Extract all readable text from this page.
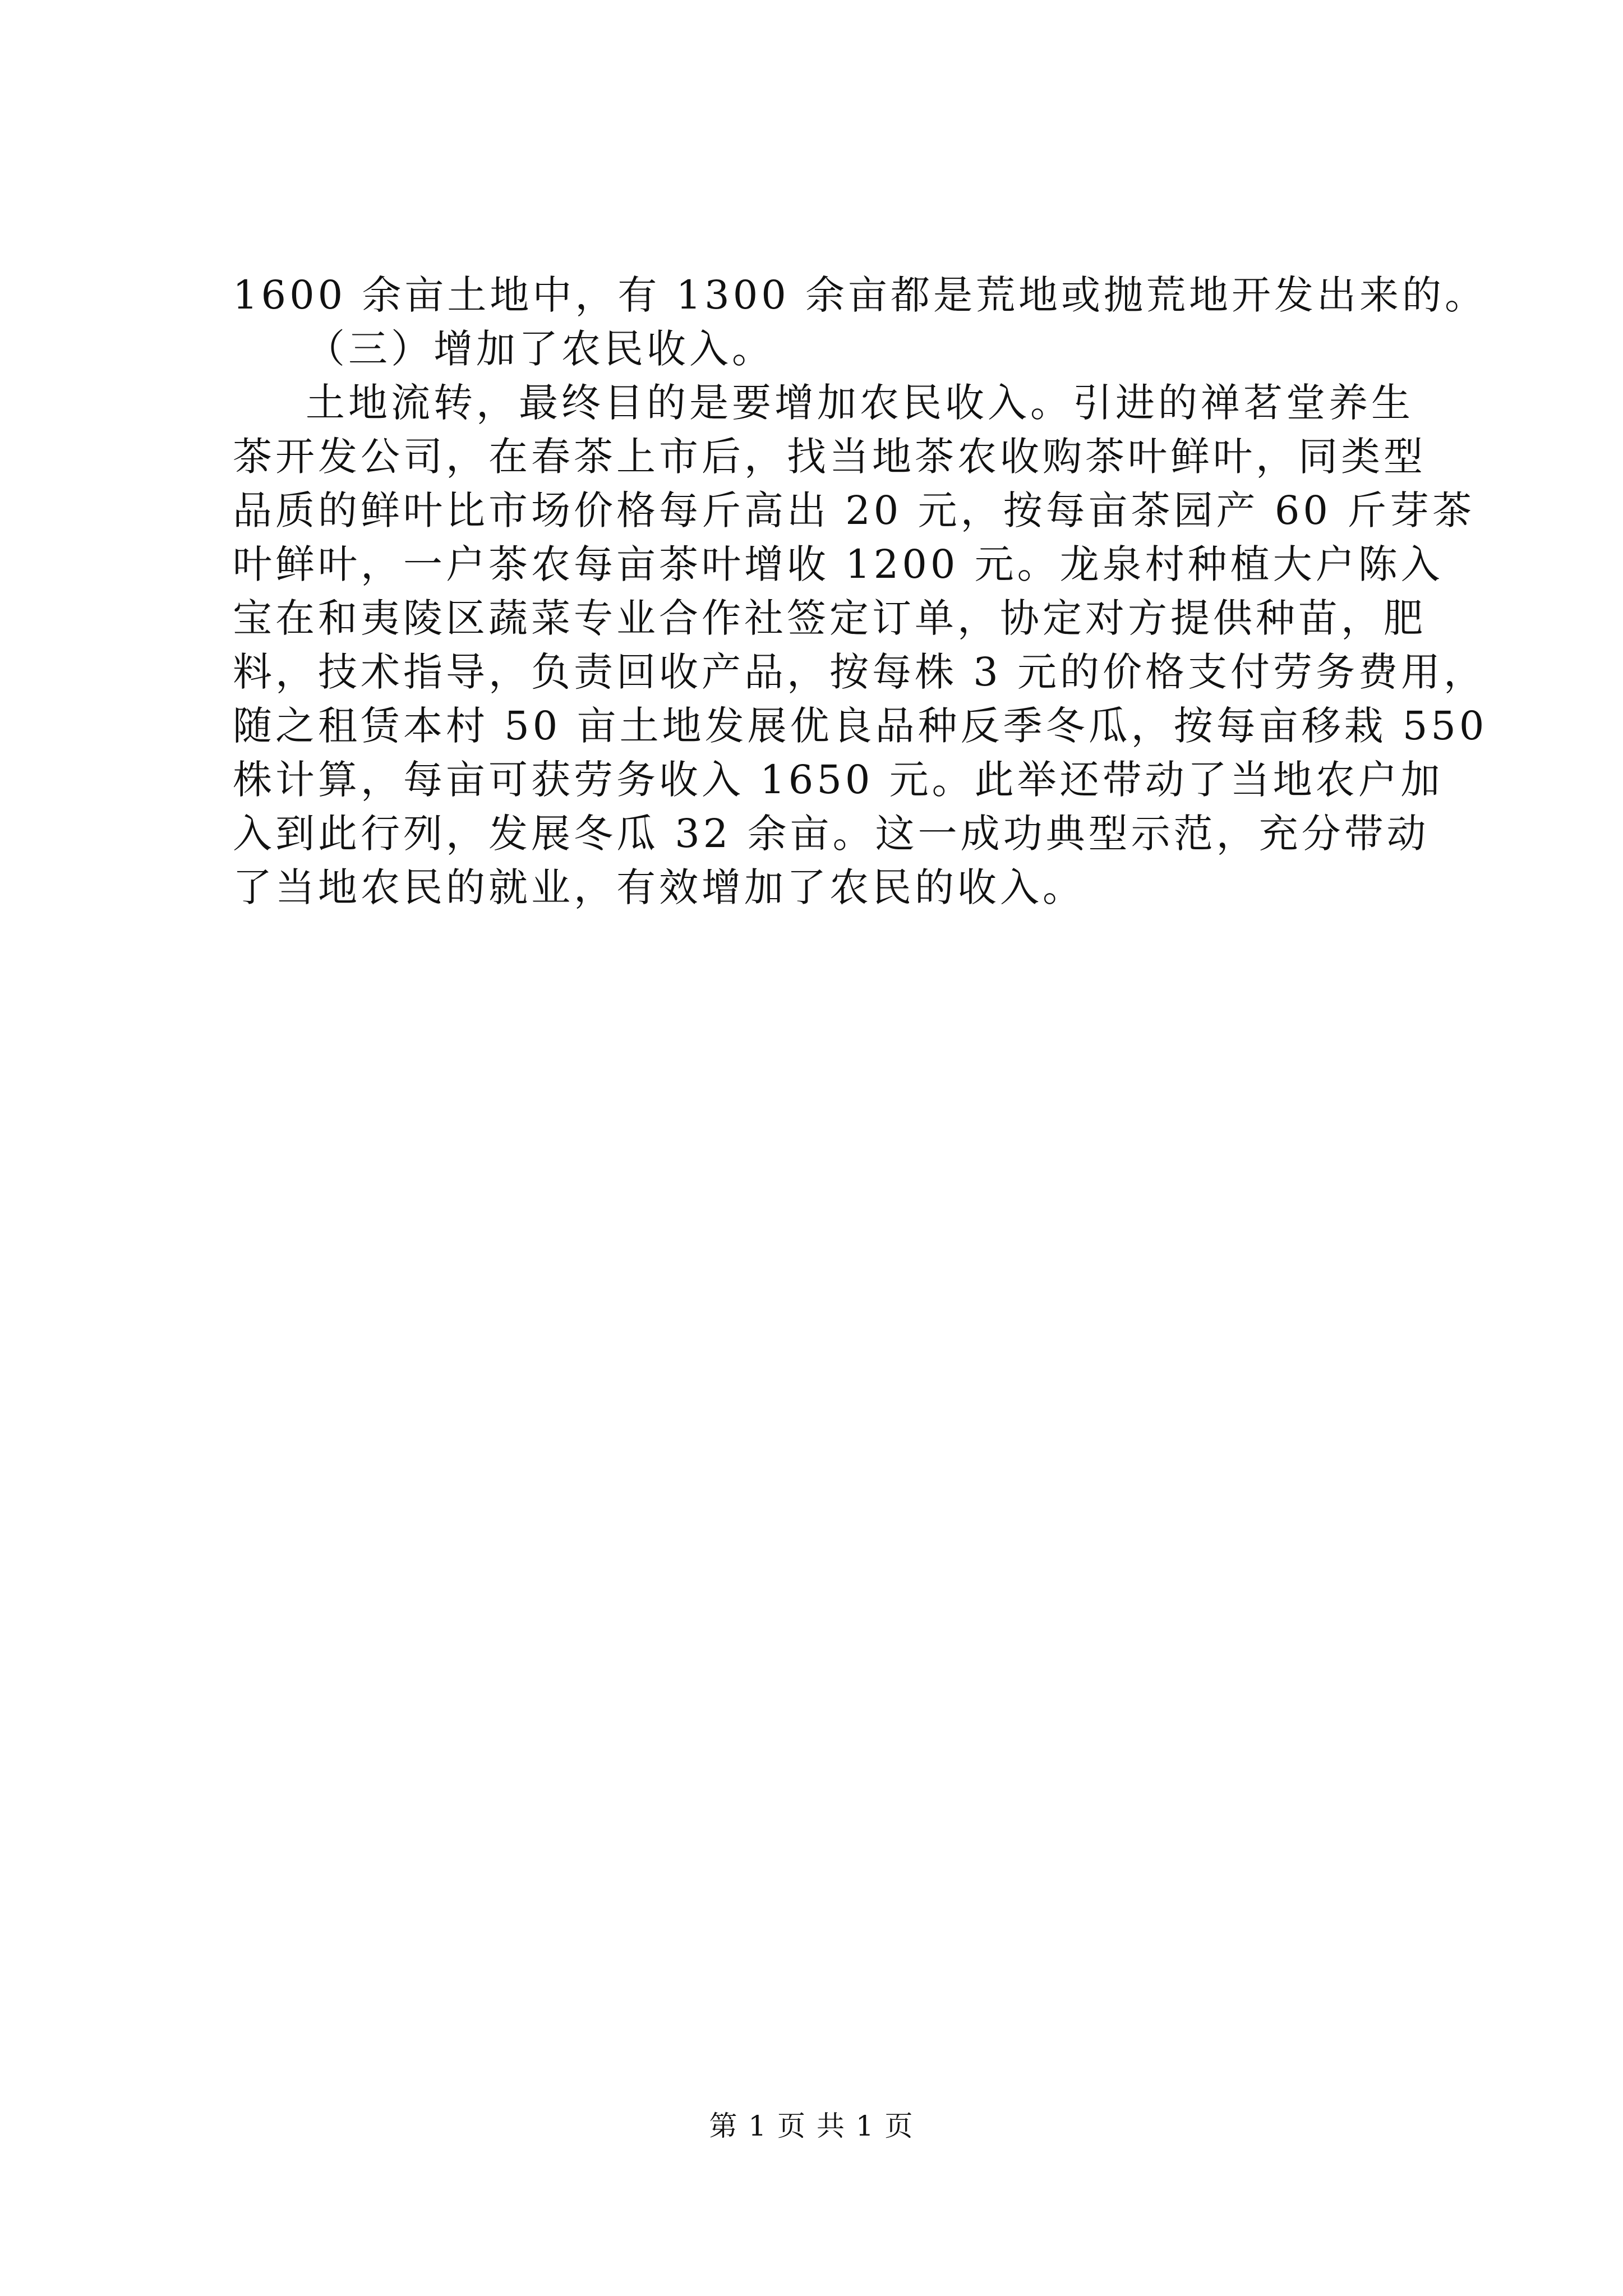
1600 余亩土地中，有 1300 余亩都是荒地或抛荒地开发出来的。
（三）增加了农民收入。
土地流转，最终目的是要增加农民收入。引进的禅茗堂养生
茶开发公司，在春茶上市后，找当地茶农收购茶叶鲜叶，同类型
品质的鲜叶比市场价格每斤高出 20 元，按每亩茶园产 60 斤芽茶
叶鲜叶，一户茶农每亩茶叶增收 1200 元。龙泉村种植大户陈入
宝在和夷陵区蔬菜专业合作社签定订单，协定对方提供种苗，肥
料，技术指导，负责回收产品，按每株 3 元的价格支付劳务费用，
随之租赁本村 50 亩土地发展优良品种反季冬瓜，按每亩移栽 550
株计算，每亩可获劳务收入 1650 元。此举还带动了当地农户加
入到此行列，发展冬瓜 32 余亩。这一成功典型示范，充分带动
了当地农民的就业，有效增加了农民的收入。
第 1 页 共 1 页
